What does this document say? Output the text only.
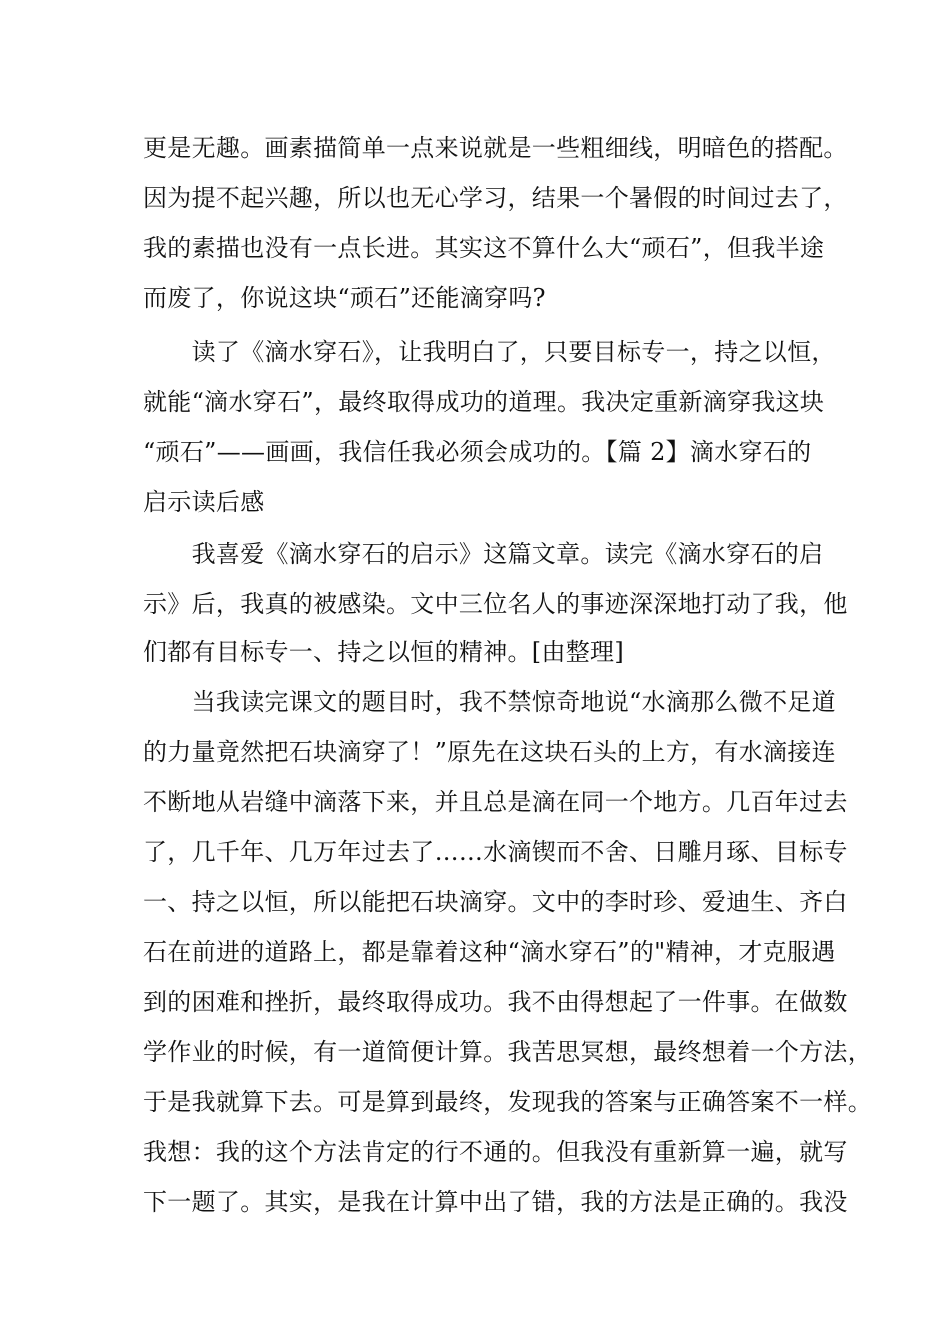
更是无趣。画素描简单一点来说就是一些粗细线，明暗色的搭配。
因为提不起兴趣，所以也无心学习，结果一个暑假的时间过去了，
我的素描也没有一点长进。其实这不算什么大“顽石”，但我半途
而废了，你说这块“顽石”还能滴穿吗?
　　读了《滴水穿石》，让我明白了，只要目标专一，持之以恒，
就能“滴水穿石”，最终取得成功的道理。我决定重新滴穿我这块
“顽石”——画画，我信任我必须会成功的。【篇 2】滴水穿石的
启示读后感
　　我喜爱《滴水穿石的启示》这篇文章。读完《滴水穿石的启
示》后，我真的被感染。文中三位名人的事迹深深地打动了我，他
们都有目标专一、持之以恒的精神。[由整理]
　　当我读完课文的题目时，我不禁惊奇地说“水滴那么微不足道
的力量竟然把石块滴穿了！”原先在这块石头的上方，有水滴接连
不断地从岩缝中滴落下来，并且总是滴在同一个地方。几百年过去
了，几千年、几万年过去了……水滴锲而不舍、日雕月琢、目标专
一、持之以恒，所以能把石块滴穿。文中的李时珍、爱迪生、齐白
石在前进的道路上，都是靠着这种“滴水穿石”的"精神，才克服遇
到的困难和挫折，最终取得成功。我不由得想起了一件事。在做数
学作业的时候，有一道简便计算。我苦思冥想，最终想着一个方法，
于是我就算下去。可是算到最终，发现我的答案与正确答案不一样。
我想：我的这个方法肯定的行不通的。但我没有重新算一遍，就写
下一题了。其实，是我在计算中出了错，我的方法是正确的。我没
